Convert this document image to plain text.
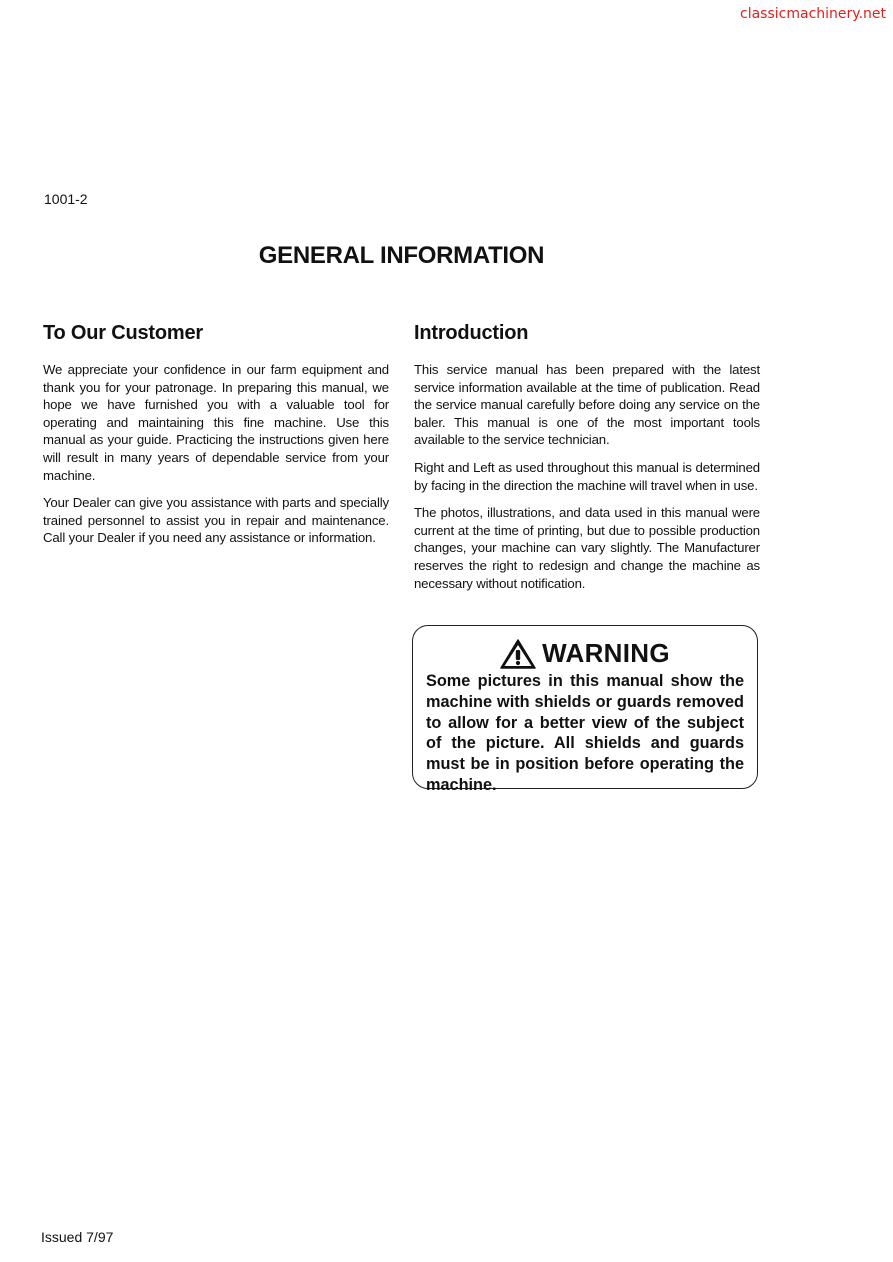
classicmachinery.net
1001-2
GENERAL INFORMATION
To Our Customer

We appreciate your confidence in our farm equipment and thank you for your patronage. In preparing this manual, we hope we have furnished you with a valuable tool for operating and maintaining this fine machine. Use this manual as your guide. Practicing the instructions given here will result in many years of dependable service from your machine.

Your Dealer can give you assistance with parts and specially trained personnel to assist you in repair and maintenance. Call your Dealer if you need any assistance or information.

Introduction

This service manual has been prepared with the latest service information available at the time of publication. Read the service manual carefully before doing any service on the baler. This manual is one of the most important tools available to the service technician.

Right and Left as used throughout this manual is determined by facing in the direction the machine will travel when in use.

The photos, illustrations, and data used in this manual were current at the time of printing, but due to possible production changes, your machine can vary slightly. The Manufacturer reserves the right to redesign and change the machine as necessary without notification.

WARNING

Some pictures in this manual show the machine with shields or guards removed to allow for a better view of the subject of the picture. All shields and guards must be in position before operating the machine.

Issued 7/97
